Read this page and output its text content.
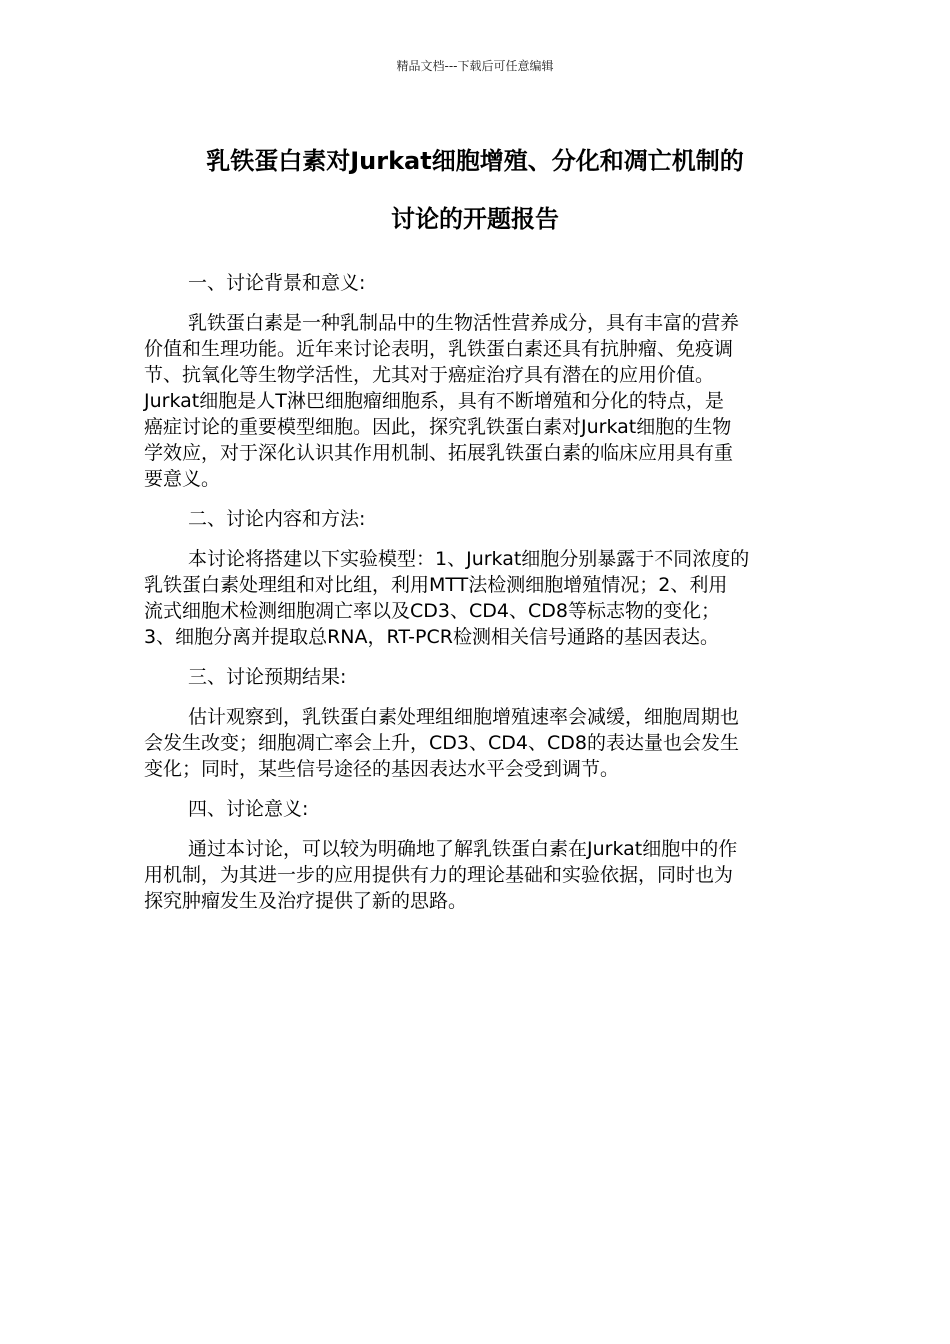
精品文档---下载后可任意编辑
乳铁蛋白素对Jurkat细胞增殖、分化和凋亡机制的
讨论的开题报告
一、讨论背景和意义:
乳铁蛋白素是一种乳制品中的生物活性营养成分，具有丰富的营养
价值和生理功能。近年来讨论表明，乳铁蛋白素还具有抗肿瘤、免疫调
节、抗氧化等生物学活性，尤其对于癌症治疗具有潜在的应用价值。
Jurkat细胞是人T淋巴细胞瘤细胞系，具有不断增殖和分化的特点，是
癌症讨论的重要模型细胞。因此，探究乳铁蛋白素对Jurkat细胞的生物
学效应，对于深化认识其作用机制、拓展乳铁蛋白素的临床应用具有重
要意义。
二、讨论内容和方法:
本讨论将搭建以下实验模型：1、Jurkat细胞分别暴露于不同浓度的
乳铁蛋白素处理组和对比组，利用MTT法检测细胞增殖情况；2、利用
流式细胞术检测细胞凋亡率以及CD3、CD4、CD8等标志物的变化；
3、细胞分离并提取总RNA，RT-PCR检测相关信号通路的基因表达。
三、讨论预期结果:
估计观察到，乳铁蛋白素处理组细胞增殖速率会减缓，细胞周期也
会发生改变；细胞凋亡率会上升，CD3、CD4、CD8的表达量也会发生
变化；同时，某些信号途径的基因表达水平会受到调节。
四、讨论意义:
通过本讨论，可以较为明确地了解乳铁蛋白素在Jurkat细胞中的作
用机制，为其进一步的应用提供有力的理论基础和实验依据，同时也为
探究肿瘤发生及治疗提供了新的思路。
